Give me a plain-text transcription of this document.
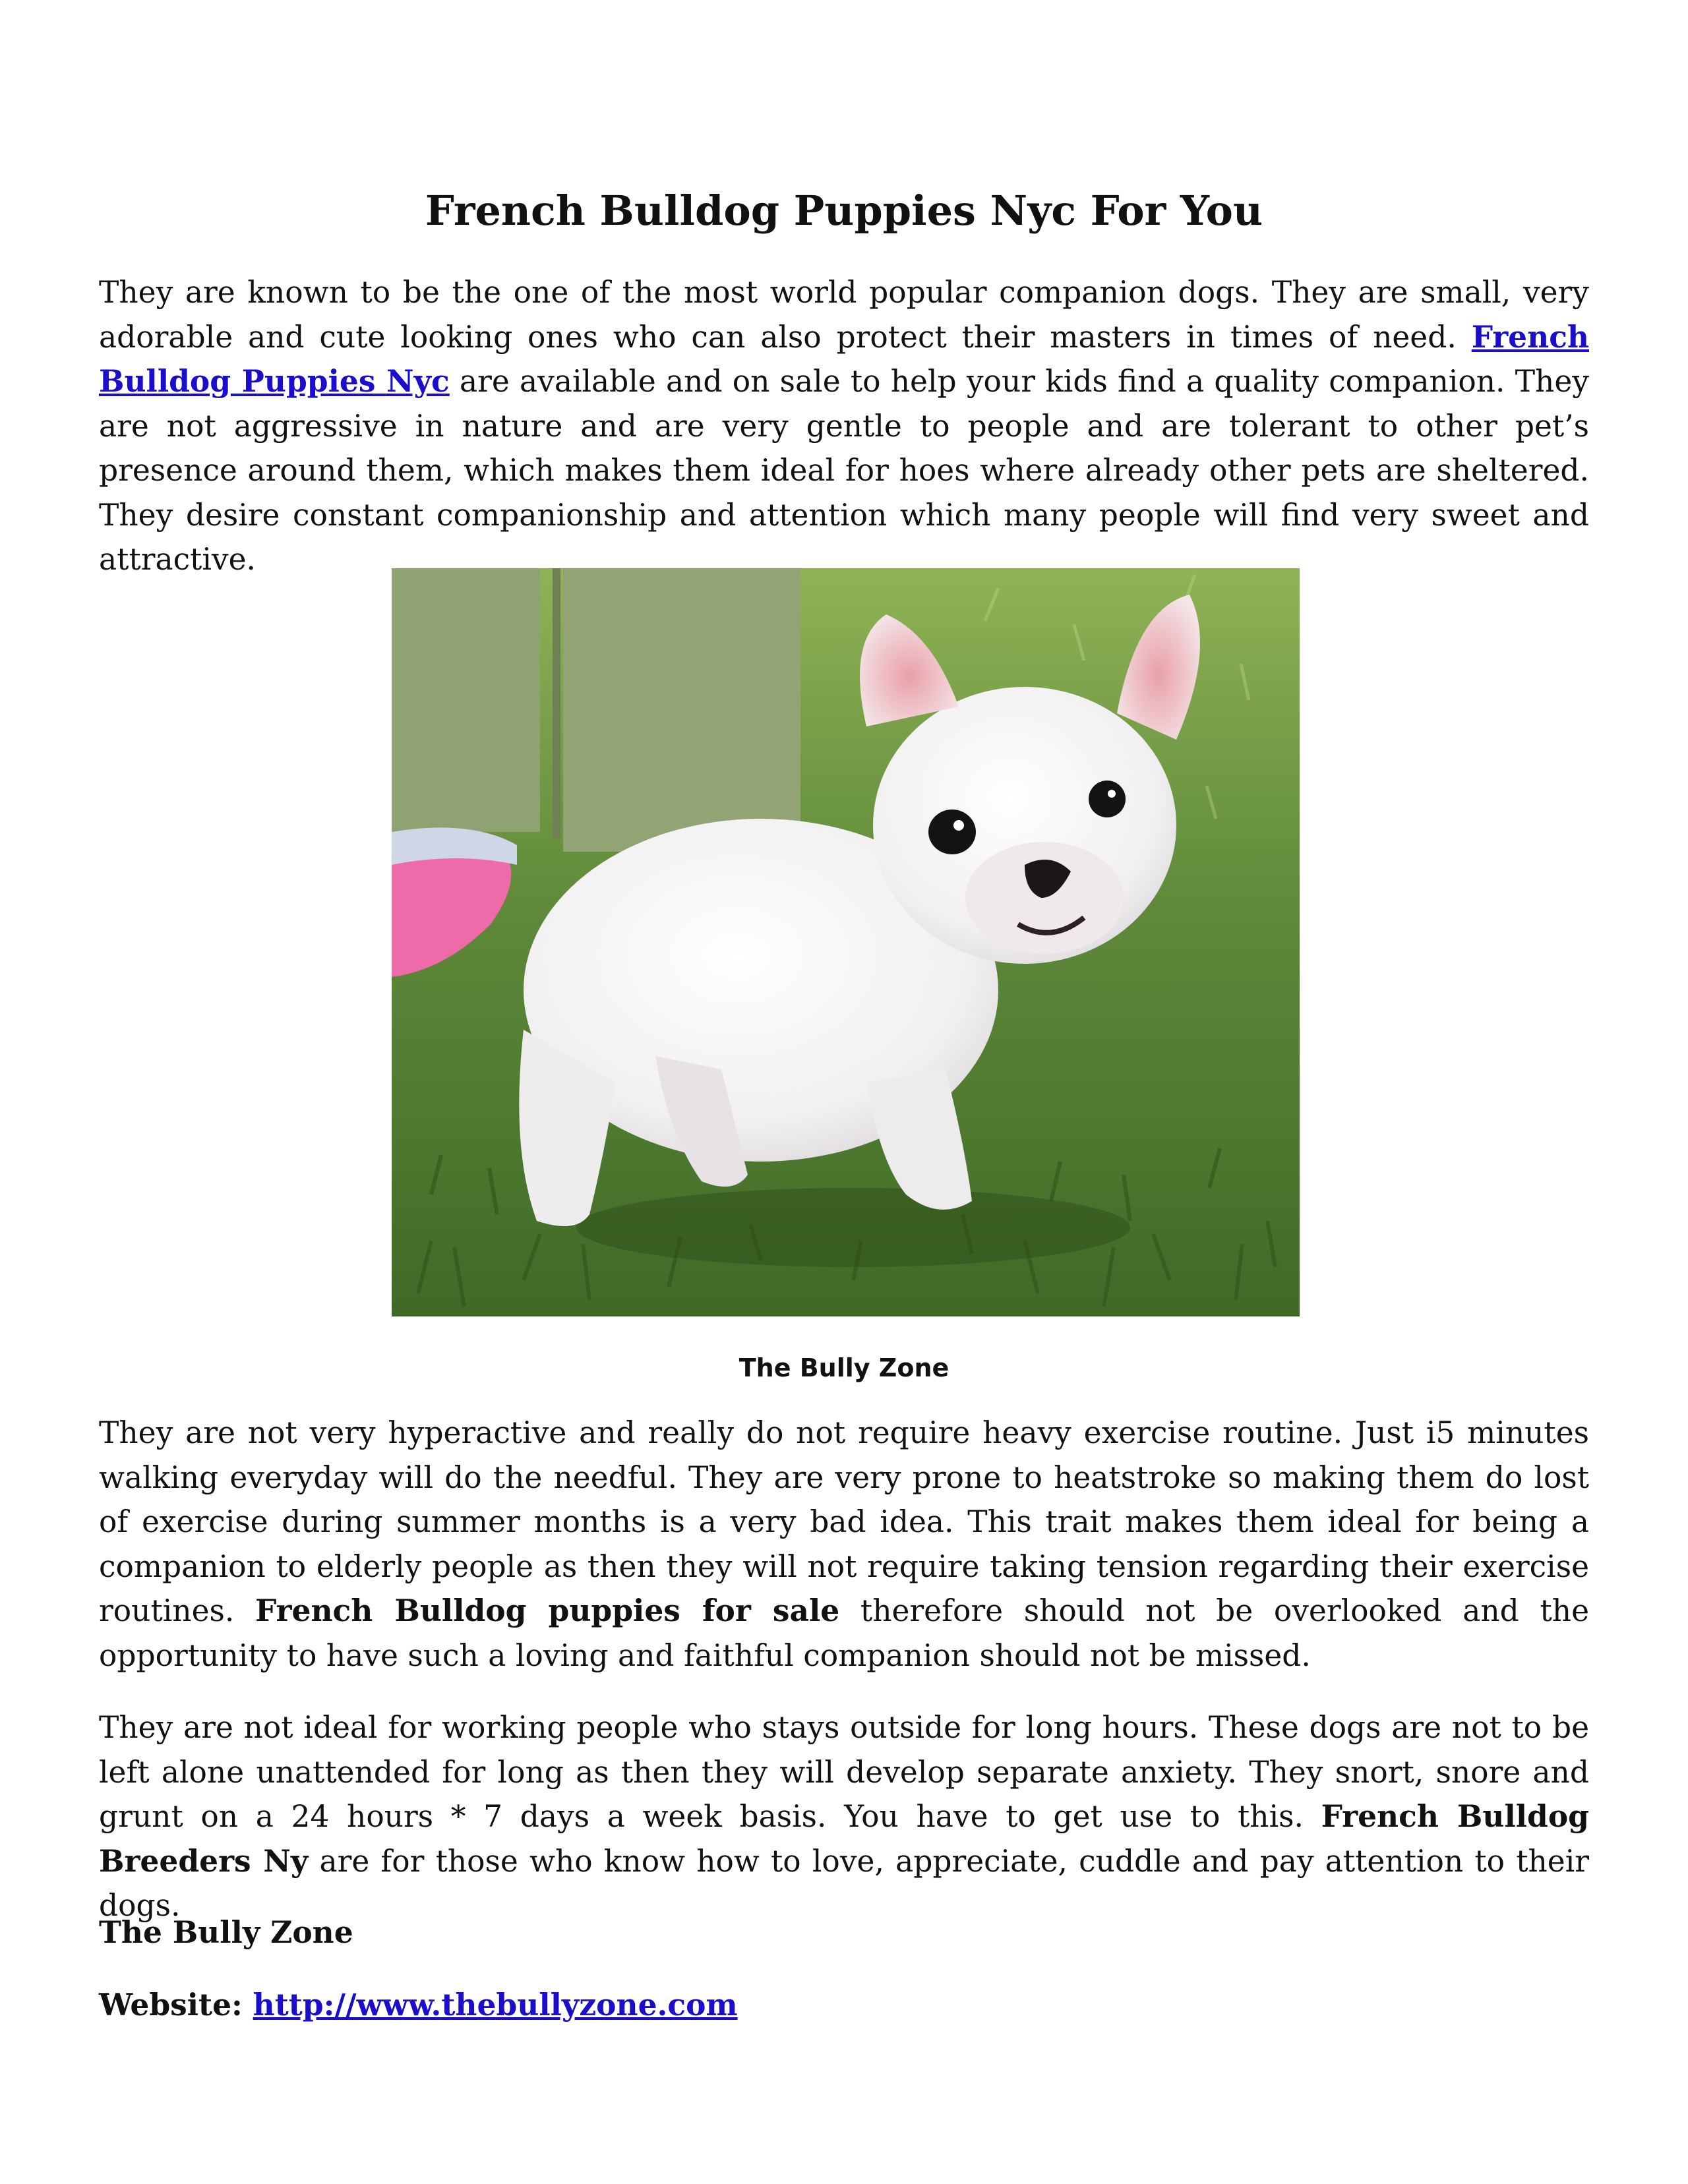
French Bulldog Puppies Nyc For You

They are known to be the one of the most world popular companion dogs. They are small, very adorable and cute looking ones who can also protect their masters in times of need. French Bulldog Puppies Nyc are available and on sale to help your kids find a quality companion. They are not aggressive in nature and are very gentle to people and are tolerant to other pet’s presence around them, which makes them ideal for hoes where already other pets are sheltered. They desire constant companionship and attention which many people will find very sweet and attractive.

The Bully Zone

They are not very hyperactive and really do not require heavy exercise routine. Just i5 minutes walking everyday will do the needful. They are very prone to heatstroke so making them do lost of exercise during summer months is a very bad idea. This trait makes them ideal for being a companion to elderly people as then they will not require taking tension regarding their exercise routines. French Bulldog puppies for sale therefore should not be overlooked and the opportunity to have such a loving and faithful companion should not be missed.

They are not ideal for working people who stays outside for long hours. These dogs are not to be left alone unattended for long as then they will develop separate anxiety. They snort, snore and grunt on a 24 hours * 7 days a week basis. You have to get use to this. French Bulldog Breeders Ny are for those who know how to love, appreciate, cuddle and pay attention to their dogs.

The Bully Zone
Website: http://www.thebullyzone.com
